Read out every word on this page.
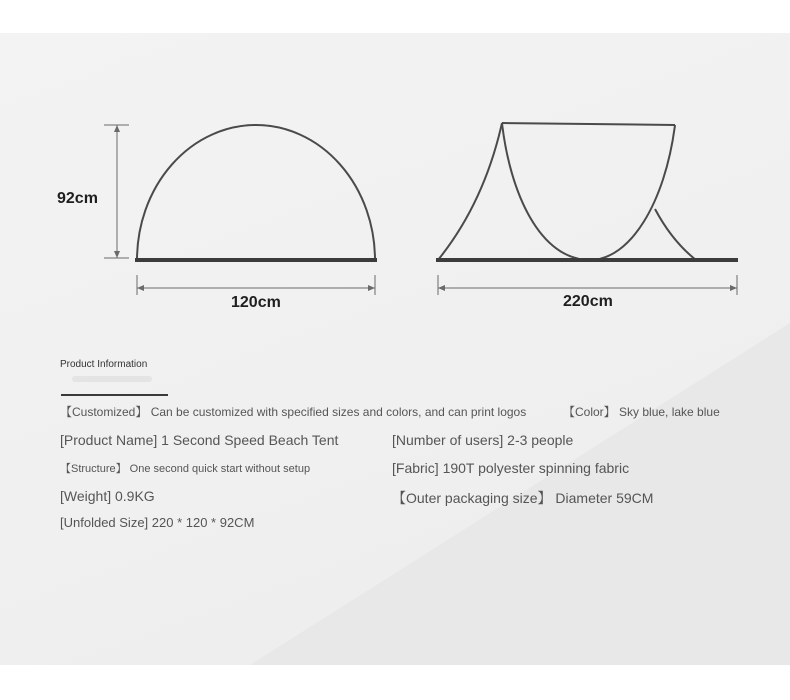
92cm
120cm	220cm
Product Information
【Customized】 Can be customized with specified sizes and colors, and can print logos	【Color】 Sky blue, lake blue
[Product Name] 1 Second Speed Beach Tent	[Number of users] 2-3 people
【Structure】 One second quick start without setup	[Fabric] 190T polyester spinning fabric
[Weight] 0.9KG	【Outer packaging size】 Diameter 59CM
[Unfolded Size] 220 * 120 * 92CM
